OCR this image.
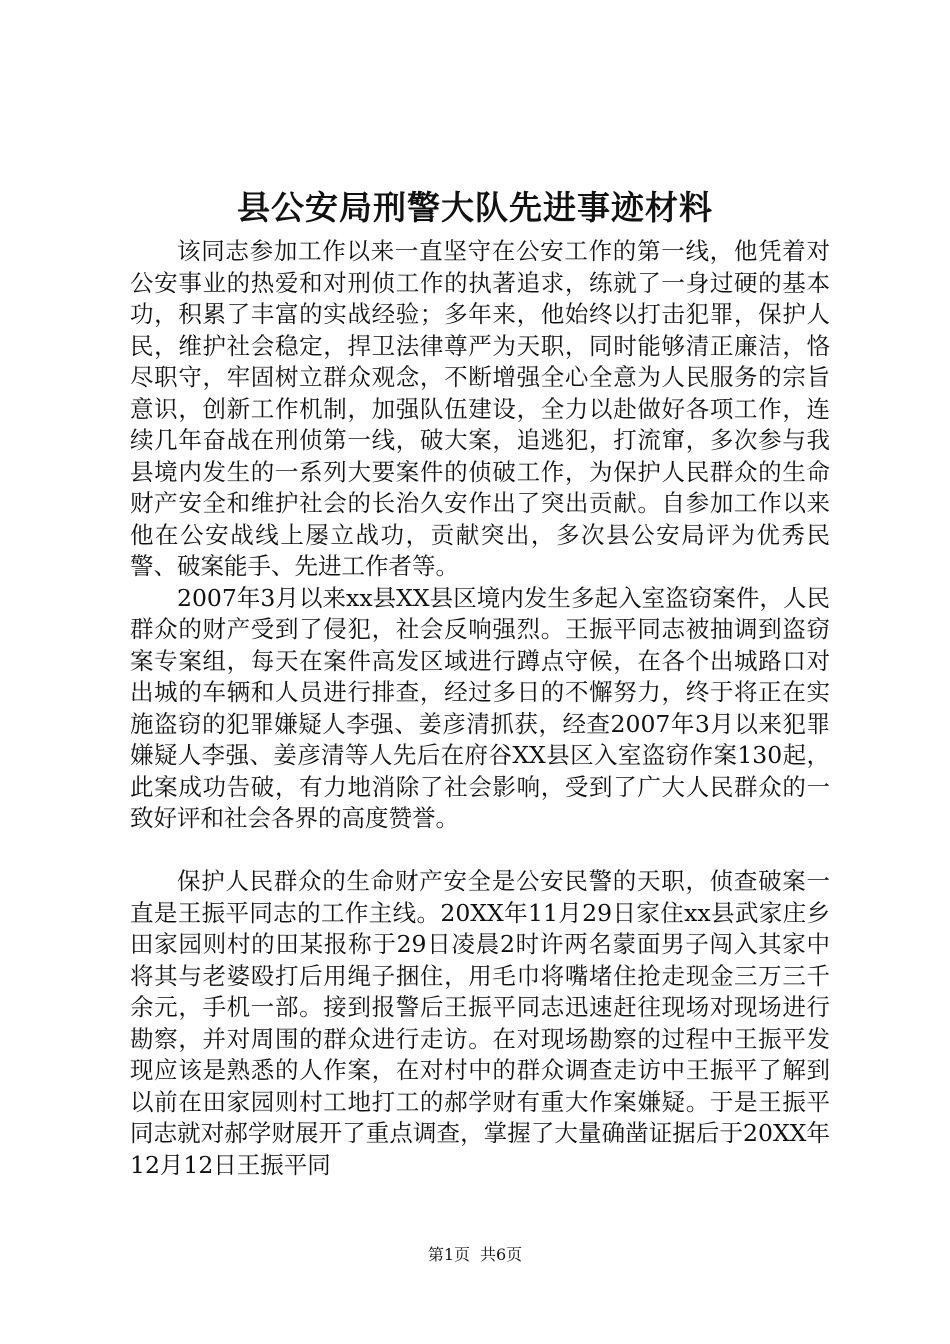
县公安局刑警大队先进事迹材料

该同志参加工作以来一直坚守在公安工作的第一线，他凭着对公安事业的热爱和对刑侦工作的执著追求，练就了一身过硬的基本功，积累了丰富的实战经验；多年来，他始终以打击犯罪，保护人民，维护社会稳定，捍卫法律尊严为天职，同时能够清正廉洁，恪尽职守，牢固树立群众观念，不断增强全心全意为人民服务的宗旨意识，创新工作机制，加强队伍建设，全力以赴做好各项工作，连续几年奋战在刑侦第一线，破大案，追逃犯，打流窜，多次参与我县境内发生的一系列大要案件的侦破工作，为保护人民群众的生命财产安全和维护社会的长治久安作出了突出贡献。自参加工作以来他在公安战线上屡立战功，贡献突出，多次县公安局评为优秀民警、破案能手、先进工作者等。

2007年3月以来xx县XX县区境内发生多起入室盗窃案件，人民群众的财产受到了侵犯，社会反响强烈。王振平同志被抽调到盗窃案专案组，每天在案件高发区域进行蹲点守候，在各个出城路口对出城的车辆和人员进行排查，经过多日的不懈努力，终于将正在实施盗窃的犯罪嫌疑人李强、姜彦清抓获，经查2007年3月以来犯罪嫌疑人李强、姜彦清等人先后在府谷XX县区入室盗窃作案130起，此案成功告破，有力地消除了社会影响，受到了广大人民群众的一致好评和社会各界的高度赞誉。

保护人民群众的生命财产安全是公安民警的天职，侦查破案一直是王振平同志的工作主线。20XX年11月29日家住xx县武家庄乡田家园则村的田某报称于29日凌晨2时许两名蒙面男子闯入其家中将其与老婆殴打后用绳子捆住，用毛巾将嘴堵住抢走现金三万三千余元，手机一部。接到报警后王振平同志迅速赶往现场对现场进行勘察，并对周围的群众进行走访。在对现场勘察的过程中王振平发现应该是熟悉的人作案，在对村中的群众调查走访中王振平了解到以前在田家园则村工地打工的郝学财有重大作案嫌疑。于是王振平同志就对郝学财展开了重点调查，掌握了大量确凿证据后于20XX年12月12日王振平同

第1页 共6页
